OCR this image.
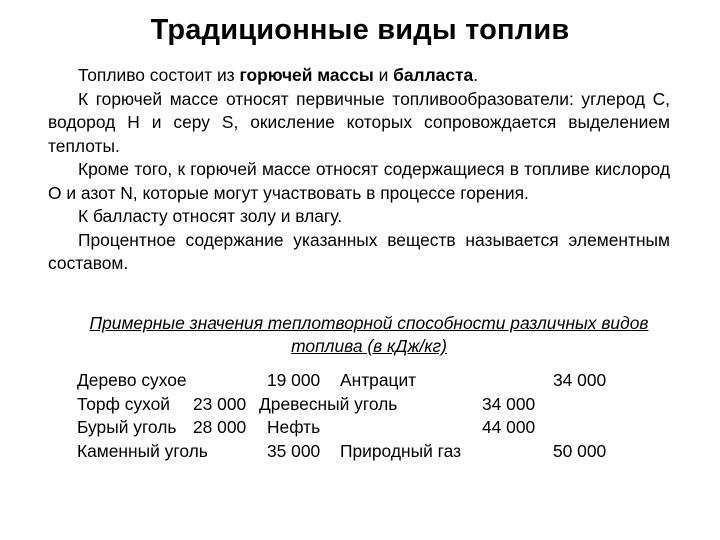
Традиционные виды топлив

Топливо состоит из горючей массы и балласта.

К горючей массе относят первичные топливообразователи: углерод С, водород Н и серу S, окисление которых сопровождается выделением теплоты.

Кроме того, к горючей массе относят содержащиеся в топливе кислород О и азот N, которые могут участвовать в процессе горения.

К балласту относят золу и влагу.

Процентное содержание указанных веществ называется элементным составом.

Примерные значения теплотворной способности различных видов топлива (в кДж/кг)
Дерево сухое	19 000 Антрацит	34 000
Торф сухой 23 000 Древесный уголь	34 000
Бурый уголь 28 000 Нефть	44 000
Каменный уголь	35 000 Природный газ	50 000
